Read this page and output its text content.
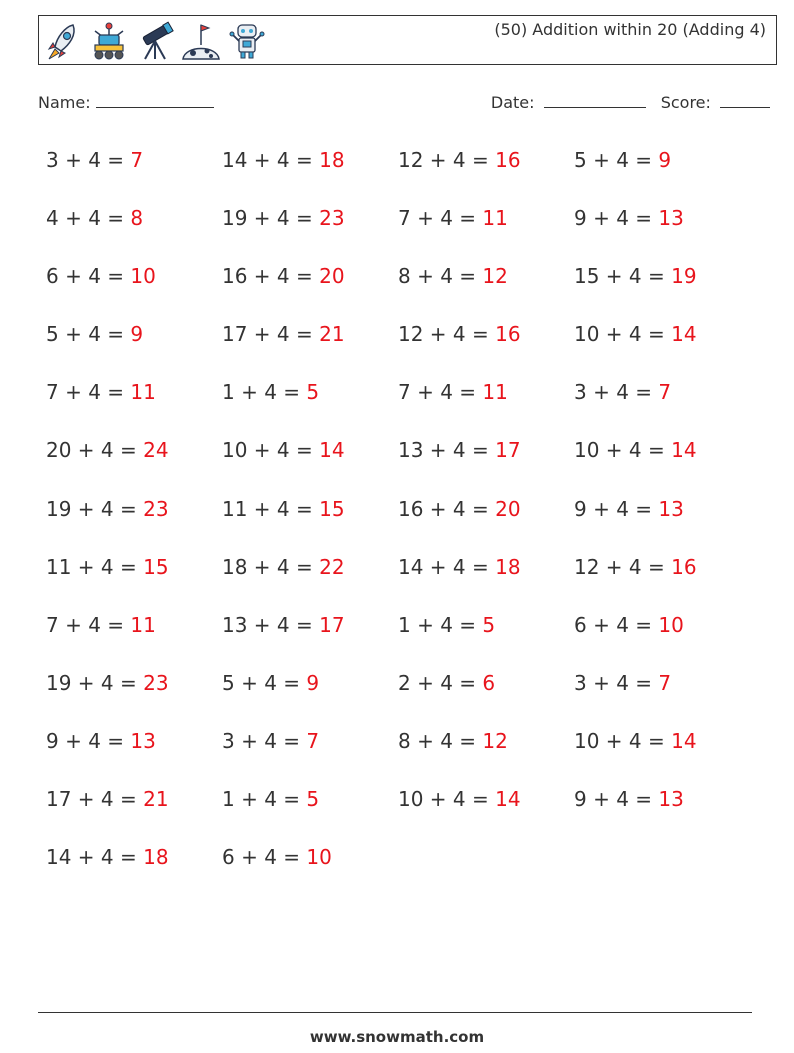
(50) Addition within 20 (Adding 4)
Name:	Date:	Score:
3 + 4 = 7	14 + 4 = 18	12 + 4 = 16	5 + 4 = 9
4 + 4 = 8	19 + 4 = 23	7 + 4 = 11	9 + 4 = 13
6 + 4 = 10	16 + 4 = 20	8 + 4 = 12	15 + 4 = 19
5 + 4 = 9	17 + 4 = 21	12 + 4 = 16	10 + 4 = 14
7 + 4 = 11	1 + 4 = 5	7 + 4 = 11	3 + 4 = 7
20 + 4 = 24	10 + 4 = 14	13 + 4 = 17	10 + 4 = 14
19 + 4 = 23	11 + 4 = 15	16 + 4 = 20	9 + 4 = 13
11 + 4 = 15	18 + 4 = 22	14 + 4 = 18	12 + 4 = 16
7 + 4 = 11	13 + 4 = 17	1 + 4 = 5	6 + 4 = 10
19 + 4 = 23	5 + 4 = 9	2 + 4 = 6	3 + 4 = 7
9 + 4 = 13	3 + 4 = 7	8 + 4 = 12	10 + 4 = 14
17 + 4 = 21	1 + 4 = 5	10 + 4 = 14	9 + 4 = 13
14 + 4 = 18	6 + 4 = 10
www.snowmath.com
